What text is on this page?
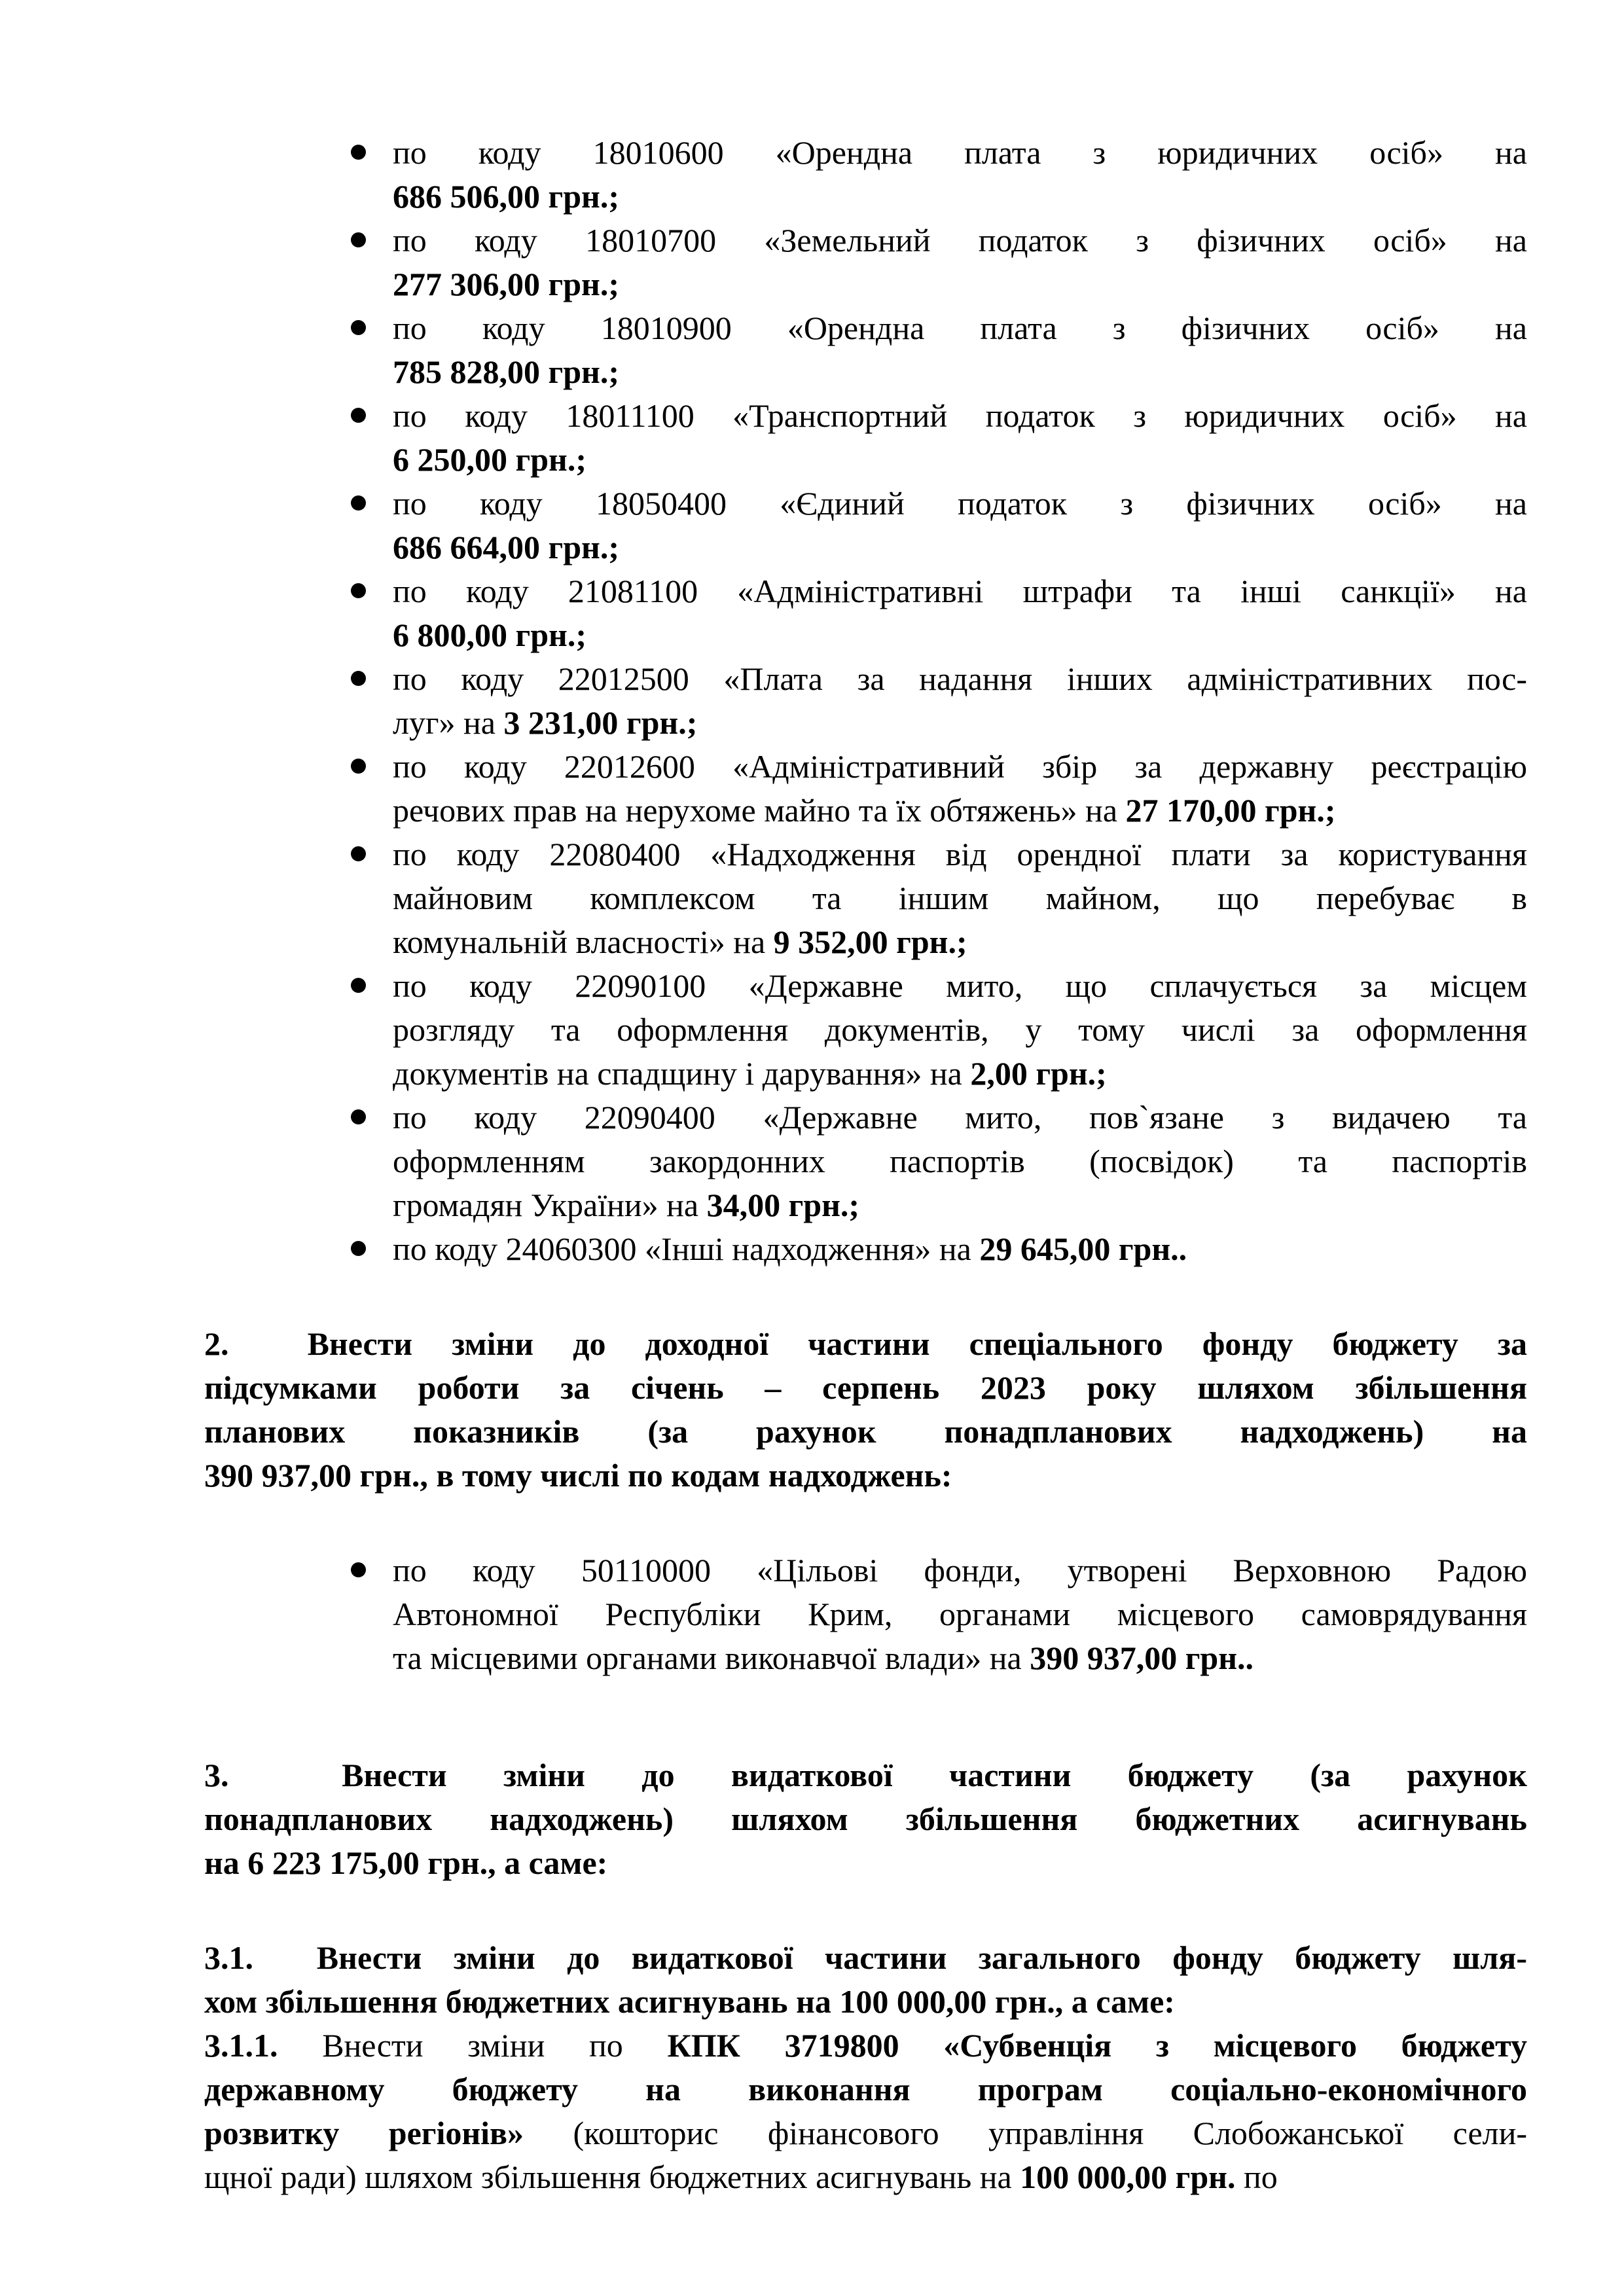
по коду 18010600 «Орендна плата з юридичних осіб» на
686 506,00 грн.;
по коду 18010700 «Земельний податок з фізичних осіб» на
277 306,00 грн.;
по коду 18010900 «Орендна плата з фізичних осіб» на
785 828,00 грн.;
по коду 18011100 «Транспортний податок з юридичних осіб» на
6 250,00 грн.;
по коду 18050400 «Єдиний податок з фізичних осіб» на
686 664,00 грн.;
по коду 21081100 «Адміністративні штрафи та інші санкції» на
6 800,00 грн.;
по коду 22012500 «Плата за надання інших адміністративних пос-
луг» на 3 231,00 грн.;
по коду 22012600 «Адміністративний збір за державну реєстрацію
речових прав на нерухоме майно та їх обтяжень» на 27 170,00 грн.;
по коду 22080400 «Надходження від орендної плати за користування
майновим комплексом та іншим майном, що перебуває в
комунальній власності» на 9 352,00 грн.;
по коду 22090100 «Державне мито, що сплачується за місцем
розгляду та оформлення документів, у тому числі за оформлення
документів на спадщину і дарування» на 2,00 грн.;
по коду 22090400 «Державне мито, пов`язане з видачею та
оформленням закордонних паспортів (посвідок) та паспортів
громадян України» на 34,00 грн.;
по коду 24060300 «Інші надходження» на 29 645,00 грн..
2.  Внести зміни до доходної частини спеціального фонду бюджету за
підсумками роботи за січень – серпень 2023 року шляхом збільшення
планових показників (за рахунок понадпланових надходжень) на
390 937,00 грн., в тому числі по кодам надходжень:
по коду 50110000 «Цільові фонди, утворені Верховною Радою
Автономної Республіки Крим, органами місцевого самоврядування
та місцевими органами виконавчої влади» на 390 937,00 грн..
3.  Внести зміни до видаткової частини бюджету (за рахунок
понадпланових надходжень) шляхом збільшення бюджетних асигнувань
на 6 223 175,00 грн., а саме:
3.1.  Внести зміни до видаткової частини загального фонду бюджету шля-
хом збільшення бюджетних асигнувань на 100 000,00 грн., а саме:
3.1.1. Внести зміни по КПК 3719800 «Субвенція з місцевого бюджету
державному бюджету на виконання програм соціально-економічного
розвитку регіонів» (кошторис фінансового управління Слобожанської сели-
щної ради) шляхом збільшення бюджетних асигнувань на 100 000,00 грн. по
